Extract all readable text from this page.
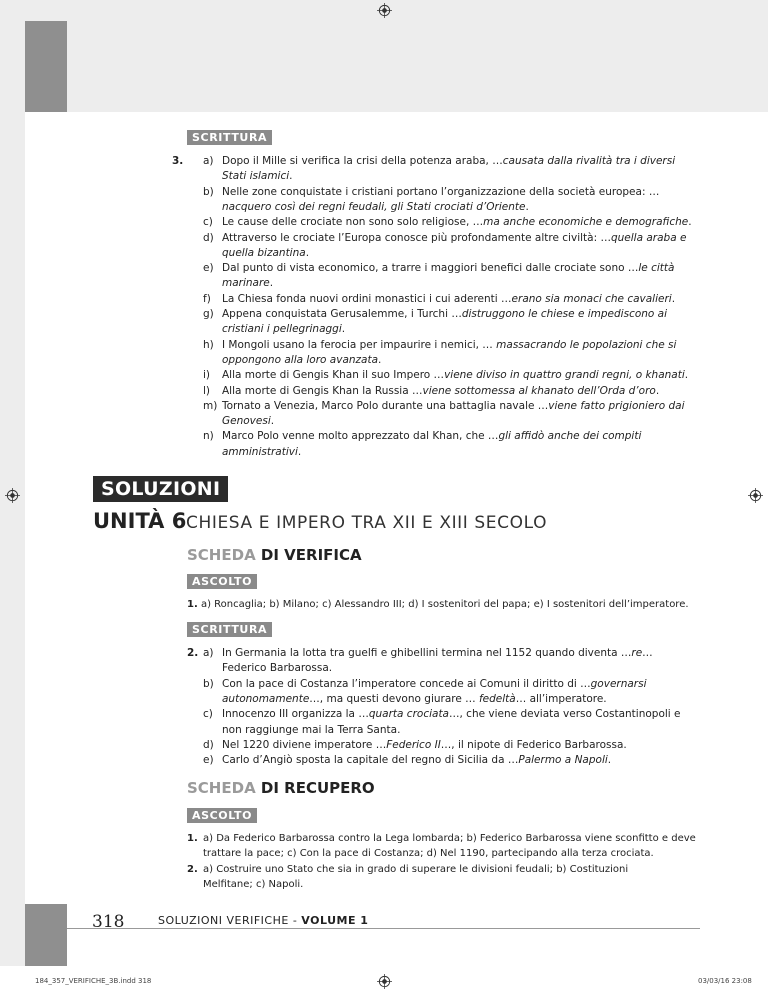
SCRITTURA
3. a) Dopo il Mille si verifica la crisi della potenza araba, …causata dalla rivalità tra i diversi
Stati islamici.
b) Nelle zone conquistate i cristiani portano l’organizzazione della società europea: …
nacquero così dei regni feudali, gli Stati crociati d’Oriente.
c) Le cause delle crociate non sono solo religiose, …ma anche economiche e demografiche.
d) Attraverso le crociate l’Europa conosce più profondamente altre civiltà: …quella araba e
quella bizantina.
e) Dal punto di vista economico, a trarre i maggiori benefici dalle crociate sono …le città
marinare.
f) La Chiesa fonda nuovi ordini monastici i cui aderenti …erano sia monaci che cavalieri.
g) Appena conquistata Gerusalemme, i Turchi …distruggono le chiese e impediscono ai
cristiani i pellegrinaggi.
h) I Mongoli usano la ferocia per impaurire i nemici, … massacrando le popolazioni che si
oppongono alla loro avanzata.
i) Alla morte di Gengis Khan il suo Impero …viene diviso in quattro grandi regni, o khanati.
l) Alla morte di Gengis Khan la Russia …viene sottomessa al khanato dell’Orda d’oro.
m) Tornato a Venezia, Marco Polo durante una battaglia navale …viene fatto prigioniero dai
Genovesi.
n) Marco Polo venne molto apprezzato dal Khan, che …gli affidò anche dei compiti
amministrativi.
SOLUZIONI
UNITÀ 6 CHIESA E IMPERO TRA XII E XIII SECOLO
SCHEDA DI VERIFICA
ASCOLTO
1. a) Roncaglia; b) Milano; c) Alessandro III; d) I sostenitori del papa; e) I sostenitori dell’imperatore.
SCRITTURA
2. a) In Germania la lotta tra guelfi e ghibellini termina nel 1152 quando diventa …re…
Federico Barbarossa.
b) Con la pace di Costanza l’imperatore concede ai Comuni il diritto di …governarsi
autonomamente…, ma questi devono giurare … fedeltà… all’imperatore.
c) Innocenzo III organizza la …quarta crociata…, che viene deviata verso Costantinopoli e
non raggiunge mai la Terra Santa.
d) Nel 1220 diviene imperatore …Federico II…, il nipote di Federico Barbarossa.
e) Carlo d’Angiò sposta la capitale del regno di Sicilia da …Palermo a Napoli.
SCHEDA DI RECUPERO
ASCOLTO
1. a) Da Federico Barbarossa contro la Lega lombarda; b) Federico Barbarossa viene sconfitto e deve
trattare la pace; c) Con la pace di Costanza; d) Nel 1190, partecipando alla terza crociata.
2. a) Costruire uno Stato che sia in grado di superare le divisioni feudali; b) Costituzioni
Melfitane; c) Napoli.
318	SOLUZIONI VERIFICHE - VOLUME 1
184_357_VERIFICHE_3B.indd 318	03/03/16 23:08
